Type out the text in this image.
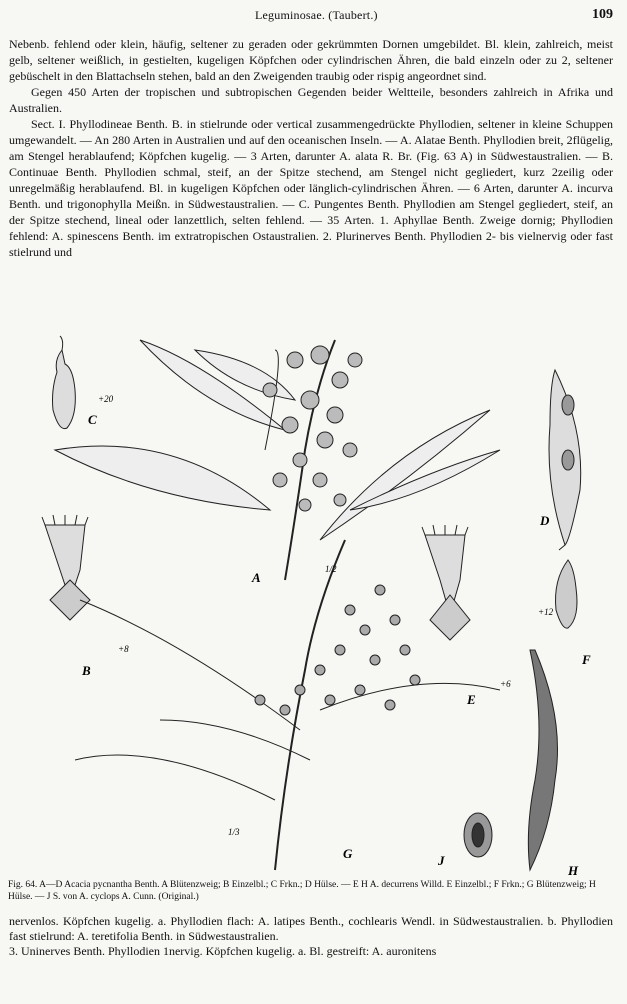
Leguminosae. (Taubert.)	109

Nebenb. fehlend oder klein, häufig, seltener zu geraden oder gekrümmten Dornen umgebildet. Bl. klein, zahlreich, meist gelb, seltener weißlich, in gestielten, kugeligen Köpfchen oder cylindrischen Ähren, die bald einzeln oder zu 2, seltener gebüschelt in den Blattachseln stehen, bald an den Zweigenden traubig oder rispig angeordnet sind.

Gegen 450 Arten der tropischen und subtropischen Gegenden beider Weltteile, besonders zahlreich in Afrika und Australien.

Sect. I. Phyllodineae Benth. B. in stielrunde oder vertical zusammengedrückte Phyllodien, seltener in kleine Schuppen umgewandelt. — An 280 Arten in Australien und auf den oceanischen Inseln. — A. Alatae Benth. Phyllodien breit, 2flügelig, am Stengel herablaufend; Köpfchen kugelig. — 3 Arten, darunter A. alata R. Br. (Fig. 63 A) in Südwestaustralien. — B. Continuae Benth. Phyllodien schmal, steif, an der Spitze stechend, am Stengel nicht gegliedert, kurz 2zeilig oder unregelmäßig herablaufend. Bl. in kugeligen Köpfchen oder länglich-cylindrischen Ähren. — 6 Arten, darunter A. incurva Benth. und trigonophylla Meißn. in Südwestaustralien. — C. Pungentes Benth. Phyllodien am Stengel gegliedert, steif, an der Spitze stechend, lineal oder lanzettlich, selten fehlend. — 35 Arten. 1. Aphyllae Benth. Zweige dornig; Phyllodien fehlend: A. spinescens Benth. im extratropischen Ostaustralien. 2. Plurinerves Benth. Phyllodien 2- bis vielnervig oder fast stielrund und

C
A
D
B
E
F
G
H
J
+20
+8
+6
+12
1/2
1/3
Fig. 64. A—D Acacia pycnantha Benth. A Blütenzweig; B Einzelbl.; C Frkn.; D Hülse. — E H A. decurrens Willd. E Einzelbl.; F Frkn.; G Blütenzweig; H Hülse. — J S. von A. cyclops A. Cunn. (Original.)

nervenlos. Köpfchen kugelig. a. Phyllodien flach: A. latipes Benth., cochlearis Wendl. in Südwestaustralien. b. Phyllodien fast stielrund: A. teretifolia Benth. in Südwestaustralien.

3. Uninerves Benth. Phyllodien 1nervig. Köpfchen kugelig. a. Bl. gestreift: A. auronitens
